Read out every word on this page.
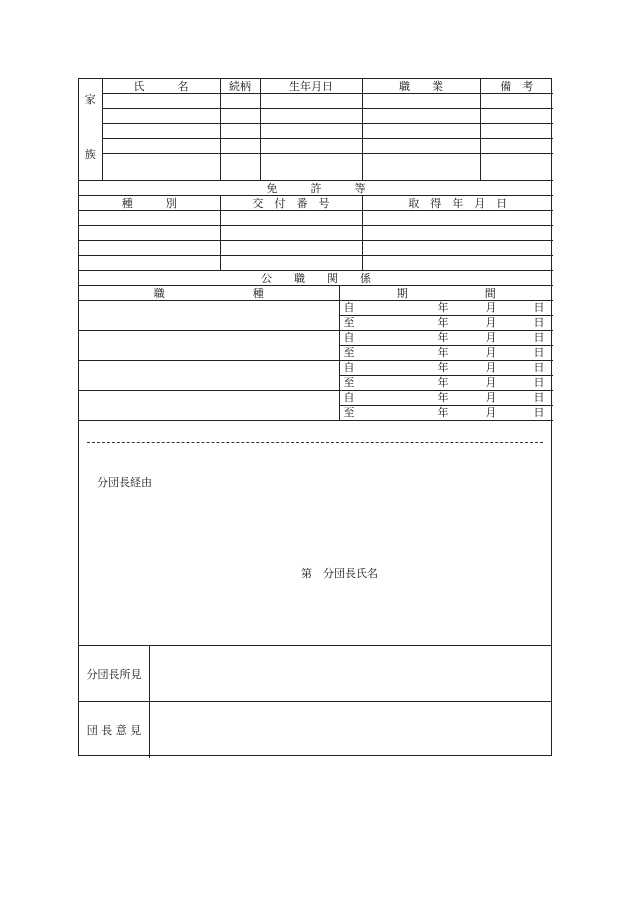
家
族	氏　　　名	続柄	生年月日	職　　業	備　考

免　　　許　　　等		
種　　　別	交　付　番　号	取　得　年　月　日

公　　職　　関　　係	
職　　　　　　　　種	期　　　　　　　間

	自 年 月 日

	至 年 月 日

	自 年 月 日

	至 年 月 日

	自 年 月 日

	至 年 月 日

	自 年 月 日

	至 年 月 日
分団長経由
第　分団長氏名
分団長所見
団 長 意 見
